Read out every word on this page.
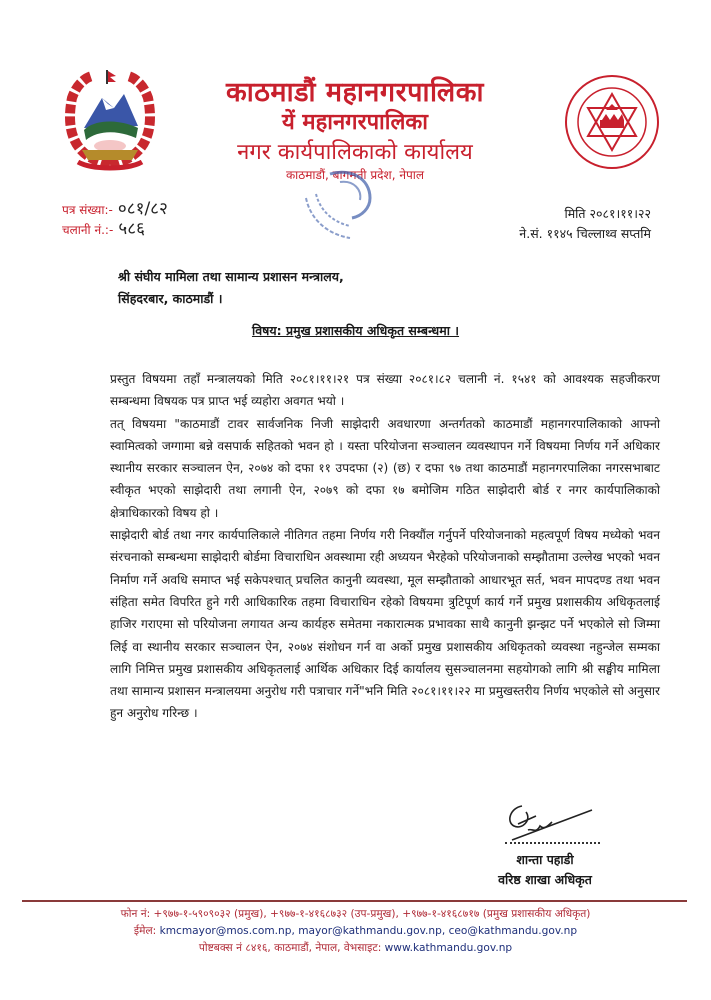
काठमाडौं महानगरपालिका
यें महानगरपालिका
नगर कार्यपालिकाको कार्यालय
काठमाडौं, बागमती प्रदेश, नेपाल
पत्र संख्या:- ०८१/८२
चलानी नं.:- ५८६
मिति २०८१।११।२२
ने.सं. ११४५ चिल्लाथ्व सप्तमि
श्री संघीय मामिला तथा सामान्य प्रशासन मन्त्रालय,
सिंहदरबार, काठमाडौं ।
विषय: प्रमुख प्रशासकीय अधिकृत सम्बन्धमा ।

प्रस्तुत विषयमा तहाँ मन्त्रालयको मिति २०८१।११।२१ पत्र संख्या २०८१।८२ चलानी नं. १५४१ को आवश्यक सहजीकरण सम्बन्धमा विषयक पत्र प्राप्त भई व्यहोरा अवगत भयो ।

तत् विषयमा "काठमाडौं टावर सार्वजनिक निजी साझेदारी अवधारणा अन्तर्गतको काठमाडौं महानगरपालिकाको आफ्नो स्वामित्वको जग्गामा बन्ने वसपार्क सहितको भवन हो । यस्ता परियोजना सञ्चालन व्यवस्थापन गर्ने विषयमा निर्णय गर्ने अधिकार स्थानीय सरकार सञ्चालन ऐन, २०७४ को दफा ११ उपदफा (२) (छ) र दफा ९७ तथा काठमाडौं महानगरपालिका नगरसभाबाट स्वीकृत भएको साझेदारी तथा लगानी ऐन, २०७९ को दफा १७ बमोजिम गठित साझेदारी बोर्ड र नगर कार्यपालिकाको क्षेत्राधिकारको विषय हो ।

साझेदारी बोर्ड तथा नगर कार्यपालिकाले नीतिगत तहमा निर्णय गरी निक्यौंल गर्नुपर्ने परियोजनाको महत्वपूर्ण विषय मध्येको भवन संरचनाको सम्बन्धमा साझेदारी बोर्डमा विचाराधिन अवस्थामा रही अध्ययन भैरहेको परियोजनाको सम्झौतामा उल्लेख भएको भवन निर्माण गर्ने अवधि समाप्त भई सकेपश्चात् प्रचलित कानुनी व्यवस्था, मूल सम्झौताको आधारभूत सर्त, भवन मापदण्ड तथा भवन संहिता समेत विपरित हुने गरी आधिकारिक तहमा विचाराधिन रहेको विषयमा त्रुटिपूर्ण कार्य गर्ने प्रमुख प्रशासकीय अधिकृतलाई हाजिर गराएमा सो परियोजना लगायत अन्य कार्यहरु समेतमा नकारात्मक प्रभावका साथै कानुनी झन्झट पर्ने भएकोले सो जिम्मा लिई वा स्थानीय सरकार सञ्चालन ऐन, २०७४ संशोधन गर्न वा अर्को प्रमुख प्रशासकीय अधिकृतको व्यवस्था नहुन्जेल सम्मका लागि निमित्त प्रमुख प्रशासकीय अधिकृतलाई आर्थिक अधिकार दिई कार्यालय सुसञ्चालनमा सहयोगको लागि श्री सङ्घीय मामिला तथा सामान्य प्रशासन मन्त्रालयमा अनुरोध गरी पत्राचार गर्ने"भनि मिति २०८१।११।२२ मा प्रमुखस्तरीय निर्णय भएकोले सो अनुसार हुन अनुरोध गरिन्छ ।

शान्ता पहाडी
वरिष्ठ शाखा अधिकृत
फोन नं: +९७७-१-५९०९०३२ (प्रमुख), +९७७-१-४१६८७३२ (उप-प्रमुख), +९७७-१-४१६८७१७ (प्रमुख प्रशासकीय अधिकृत)
ईमेल: kmcmayor@mos.com.np, mayor@kathmandu.gov.np, ceo@kathmandu.gov.np
पोष्टबक्स नं ८४१६, काठमाडौं, नेपाल, वेभसाइट: www.kathmandu.gov.np
